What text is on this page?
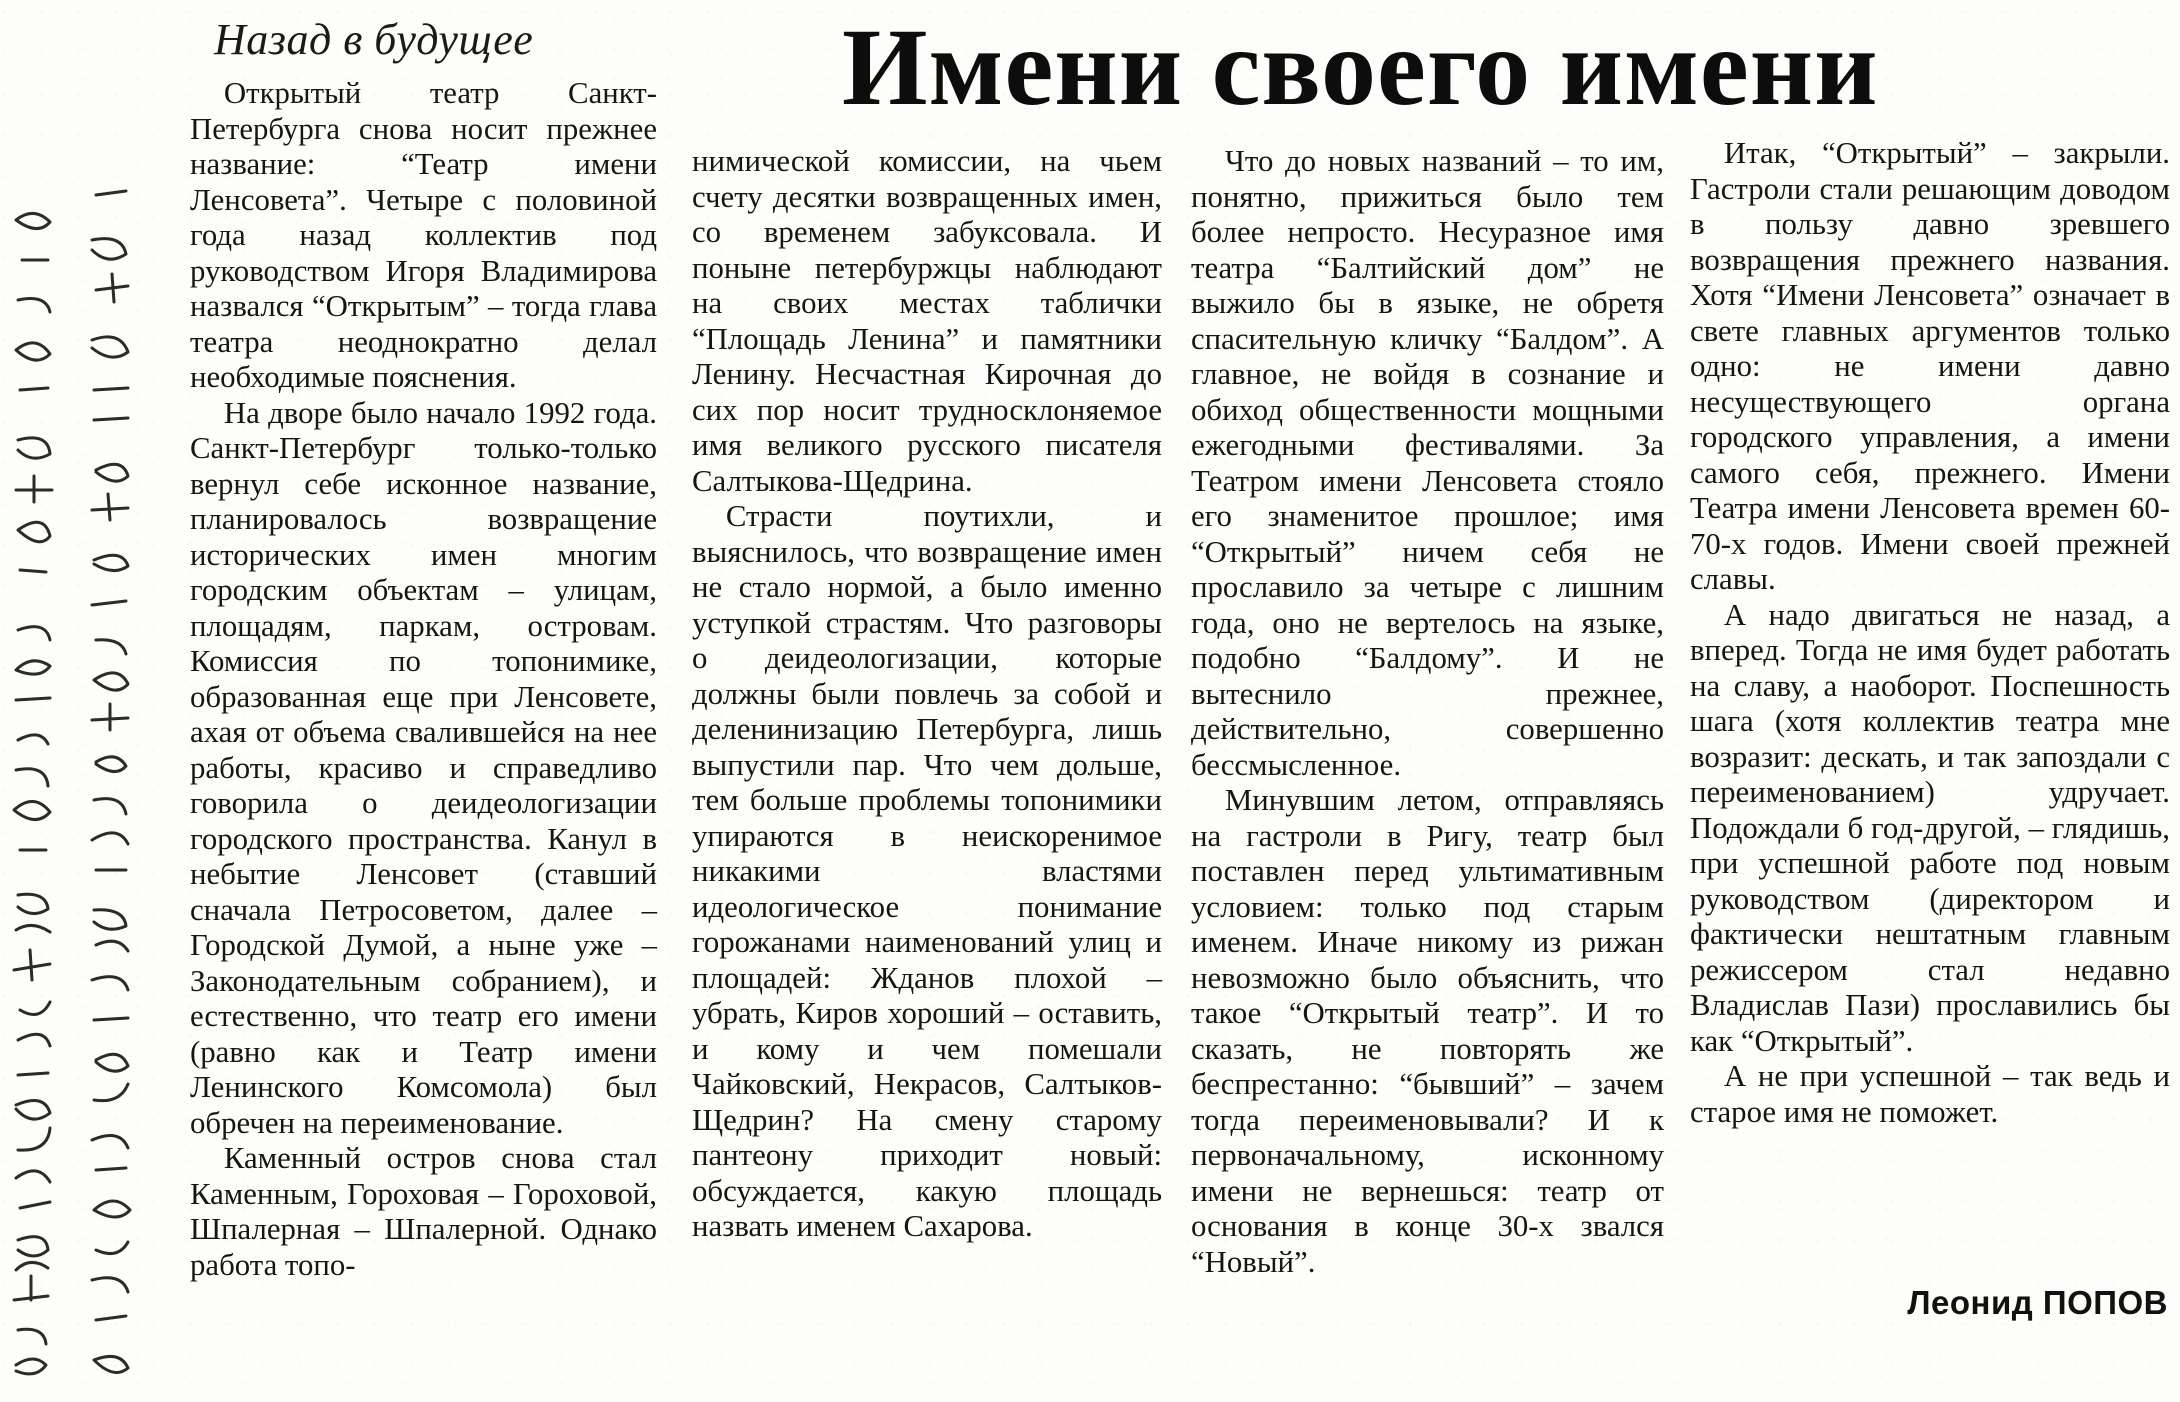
Назад в будущее	Имени своего имени

Открытый театр Санкт-Петербурга снова носит прежнее название: “Театр имени Ленсовета”. Четыре с половиной года назад коллектив под руководством Игоря Владимирова назвался “Открытым” – тогда глава театра неоднократно делал необходимые пояснения.

На дворе было начало 1992 года. Санкт-Петербург только-только вернул себе исконное название, планировалось возвращение исторических имен многим городским объектам – улицам, площадям, паркам, островам. Комиссия по топонимике, образованная еще при Ленсовете, ахая от объема свалившейся на нее работы, красиво и справедливо говорила о деидеологизации городского пространства. Канул в небытие Ленсовет (ставший сначала Петросоветом, далее – Городской Думой, а ныне уже – Законодательным собранием), и естественно, что театр его имени (равно как и Театр имени Ленинского Комсомола) был обречен на переименование.

Каменный остров снова стал Каменным, Гороховая – Гороховой, Шпалерная – Шпалерной. Однако работа топо-

нимической комиссии, на чьем счету десятки возвращенных имен, со временем забуксовала. И поныне петербуржцы наблюдают на своих местах таблички “Площадь Ленина” и памятники Ленину. Несчастная Кирочная до сих пор носит трудносклоняемое имя великого русского писателя Салтыкова-Щедрина.

Страсти поутихли, и выяснилось, что возвращение имен не стало нормой, а было именно уступкой страстям. Что разговоры о деидеологизации, которые должны были повлечь за собой и деленинизацию Петербурга, лишь выпустили пар. Что чем дольше, тем больше проблемы топонимики упираются в неискоренимое никакими властями идеологическое понимание горожанами наименований улиц и площадей: Жданов плохой – убрать, Киров хороший – оставить, и кому и чем помешали Чайковский, Некрасов, Салтыков-Щедрин? На смену старому пантеону приходит новый: обсуждается, какую площадь назвать именем Сахарова.

Что до новых названий – то им, понятно, прижиться было тем более непросто. Несуразное имя театра “Балтийский дом” не выжило бы в языке, не обретя спасительную кличку “Балдом”. А главное, не войдя в сознание и обиход общественности мощными ежегодными фестивалями. За Театром имени Ленсовета стояло его знаменитое прошлое; имя “Открытый” ничем себя не прославило за четыре с лишним года, оно не вертелось на языке, подобно “Балдому”. И не вытеснило прежнее, действительно, совершенно бессмысленное.

Минувшим летом, отправляясь на гастроли в Ригу, театр был поставлен перед ультимативным условием: только под старым именем. Иначе никому из рижан невозможно было объяснить, что такое “Открытый театр”. И то сказать, не повторять же беспрестанно: “бывший” – зачем тогда переименовывали? И к первоначальному, исконному имени не вернешься: театр от основания в конце 30-х звался “Новый”.

Итак, “Открытый” – закрыли. Гастроли стали решающим доводом в пользу давно зревшего возвращения прежнего названия. Хотя “Имени Ленсовета” означает в свете главных аргументов только одно: не имени давно несуществующего органа городского управления, а имени самого себя, прежнего. Имени Театра имени Ленсовета времен 60-70-х годов. Имени своей прежней славы.

А надо двигаться не назад, а вперед. Тогда не имя будет работать на славу, а наоборот. Поспешность шага (хотя коллектив театра мне возразит: дескать, и так запоздали с переименованием) удручает. Подождали б год-другой, – глядишь, при успешной работе под новым руководством (директором и фактически нештатным главным режиссером стал недавно Владислав Пази) прославились бы как “Открытый”.

А не при успешной – так ведь и старое имя не поможет.

Леонид ПОПОВ
